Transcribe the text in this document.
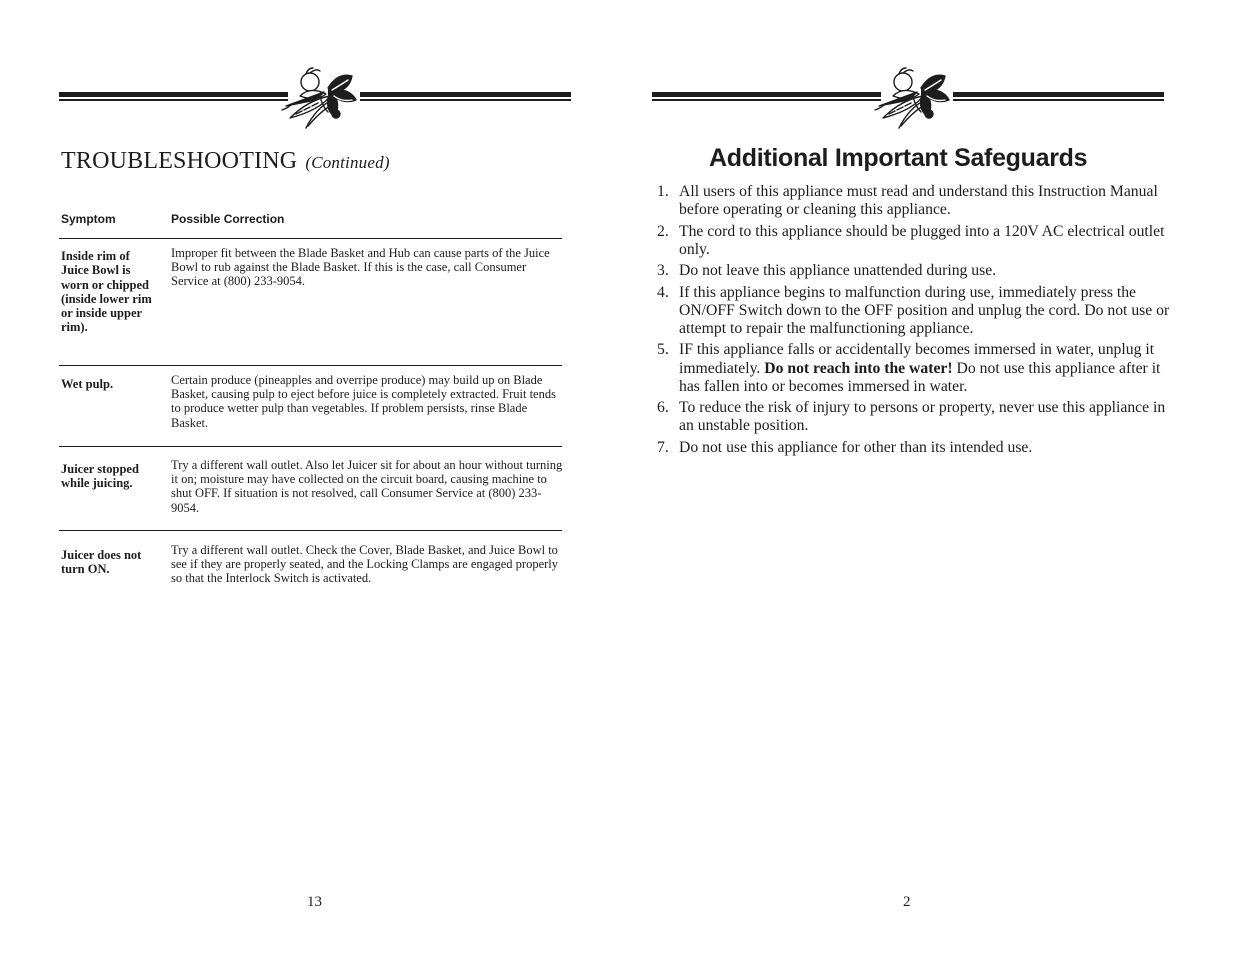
TROUBLESHOOTING (Continued)
Symptom	Possible Correction
Inside rim of Juice Bowl is worn or chipped (inside lower rim or inside upper rim).
Improper fit between the Blade Basket and Hub can cause parts of the Juice Bowl to rub against the Blade Basket. If this is the case, call Consumer Service at (800) 233-9054.
Wet pulp.	Certain produce (pineapples and overripe produce) may build up on Blade Basket, causing pulp to eject before juice is completely extracted. Fruit tends to produce wetter pulp than vegetables. If problem persists, rinse Blade Basket.
Juicer stopped while juicing.
Try a different wall outlet. Also let Juicer sit for about an hour without turning it on; moisture may have collected on the circuit board, causing machine to shut OFF. If situation is not resolved, call Consumer Service at (800) 233-9054.
Juicer does not turn ON.
Try a different wall outlet. Check the Cover, Blade Basket, and Juice Bowl to see if they are properly seated, and the Locking Clamps are engaged properly so that the Interlock Switch is activated.
13
Additional Important Safeguards
1. All users of this appliance must read and understand this Instruction Manual before operating or cleaning this appliance.
2. The cord to this appliance should be plugged into a 120V AC electrical outlet only.
3. Do not leave this appliance unattended during use.
4. If this appliance begins to malfunction during use, immediately press the ON/OFF Switch down to the OFF position and unplug the cord. Do not use or attempt to repair the malfunctioning appliance.
5. IF this appliance falls or accidentally becomes immersed in water, unplug it immediately. Do not reach into the water! Do not use this appliance after it has fallen into or becomes immersed in water.
6. To reduce the risk of injury to persons or property, never use this appliance in an unstable position.
7. Do not use this appliance for other than its intended use.
2
